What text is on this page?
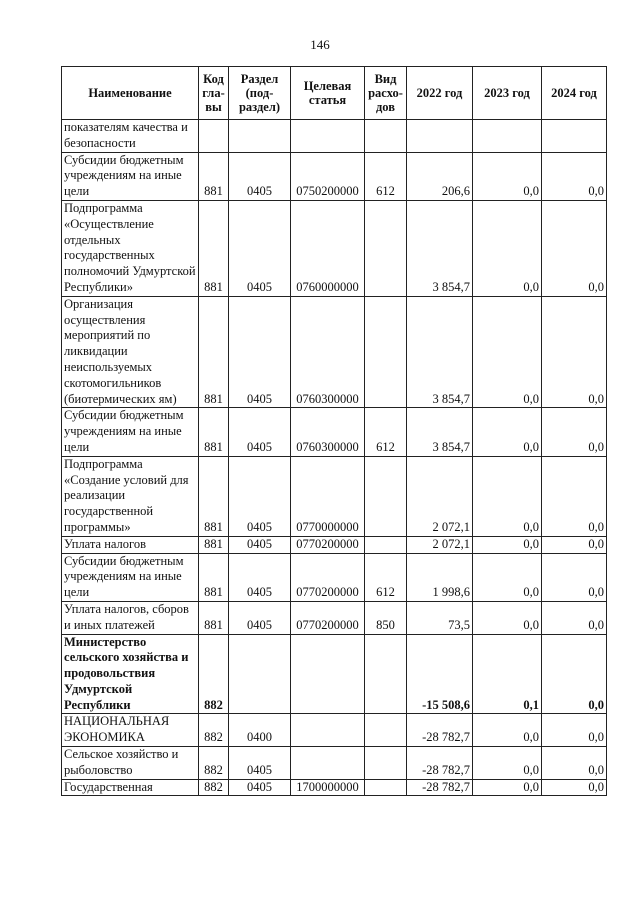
146
Наименование	Код гла-вы	Раздел (под-раздел)	Целевая статья	Вид расхо-дов	2022 год	2023 год	2024 год
показателям качества и безопасности							
Субсидии бюджетным учреждениям на иные цели	881	0405	0750200000	612	206,6	0,0	0,0
Подпрограмма «Осуществление отдельных государственных полномочий Удмуртской Республики»	881	0405	0760000000		3 854,7	0,0	0,0
Организация осуществления мероприятий по ликвидации неиспользуемых скотомогильников (биотермических ям)	881	0405	0760300000		3 854,7	0,0	0,0
Субсидии бюджетным учреждениям на иные цели	881	0405	0760300000	612	3 854,7	0,0	0,0
Подпрограмма «Создание условий для реализации государственной программы»	881	0405	0770000000		2 072,1	0,0	0,0
Уплата налогов	881	0405	0770200000		2 072,1	0,0	0,0
Субсидии бюджетным учреждениям на иные цели	881	0405	0770200000	612	1 998,6	0,0	0,0
Уплата налогов, сборов и иных платежей	881	0405	0770200000	850	73,5	0,0	0,0
Министерство сельского хозяйства и продовольствия Удмуртской Республики	882				-15 508,6	0,1	0,0
НАЦИОНАЛЬНАЯ ЭКОНОМИКА	882	0400			-28 782,7	0,0	0,0
Сельское хозяйство и рыболовство	882	0405			-28 782,7	0,0	0,0
Государственная	882	0405	1700000000		-28 782,7	0,0	0,0
